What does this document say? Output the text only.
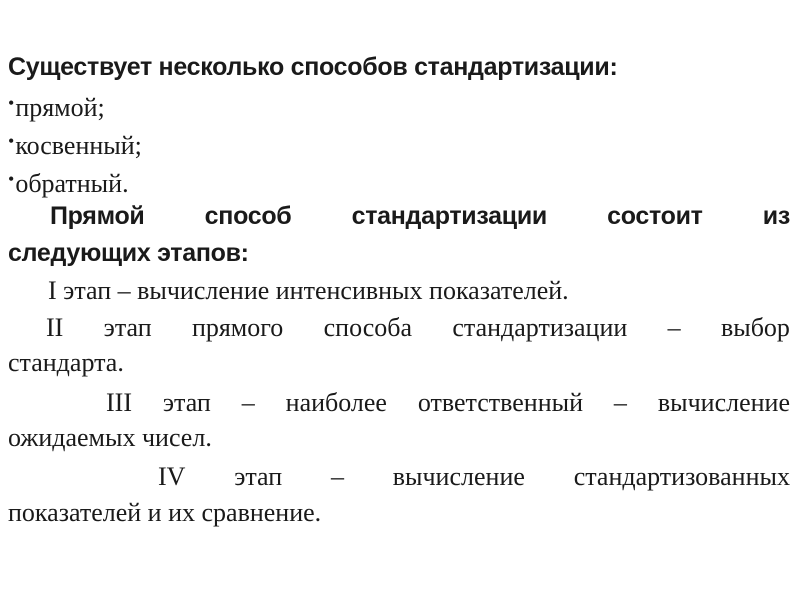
Существует несколько способов стандартизации:
•прямой;
•косвенный;
•обратный.
Прямой способ стандартизации состоит из
следующих этапов:
I этап – вычисление интенсивных показателей.
II этап прямого способа стандартизации – выбор
стандарта.
III этап – наиболее ответственный – вычисление
ожидаемых чисел.
IV этап – вычисление стандартизованных
показателей и их сравнение.
